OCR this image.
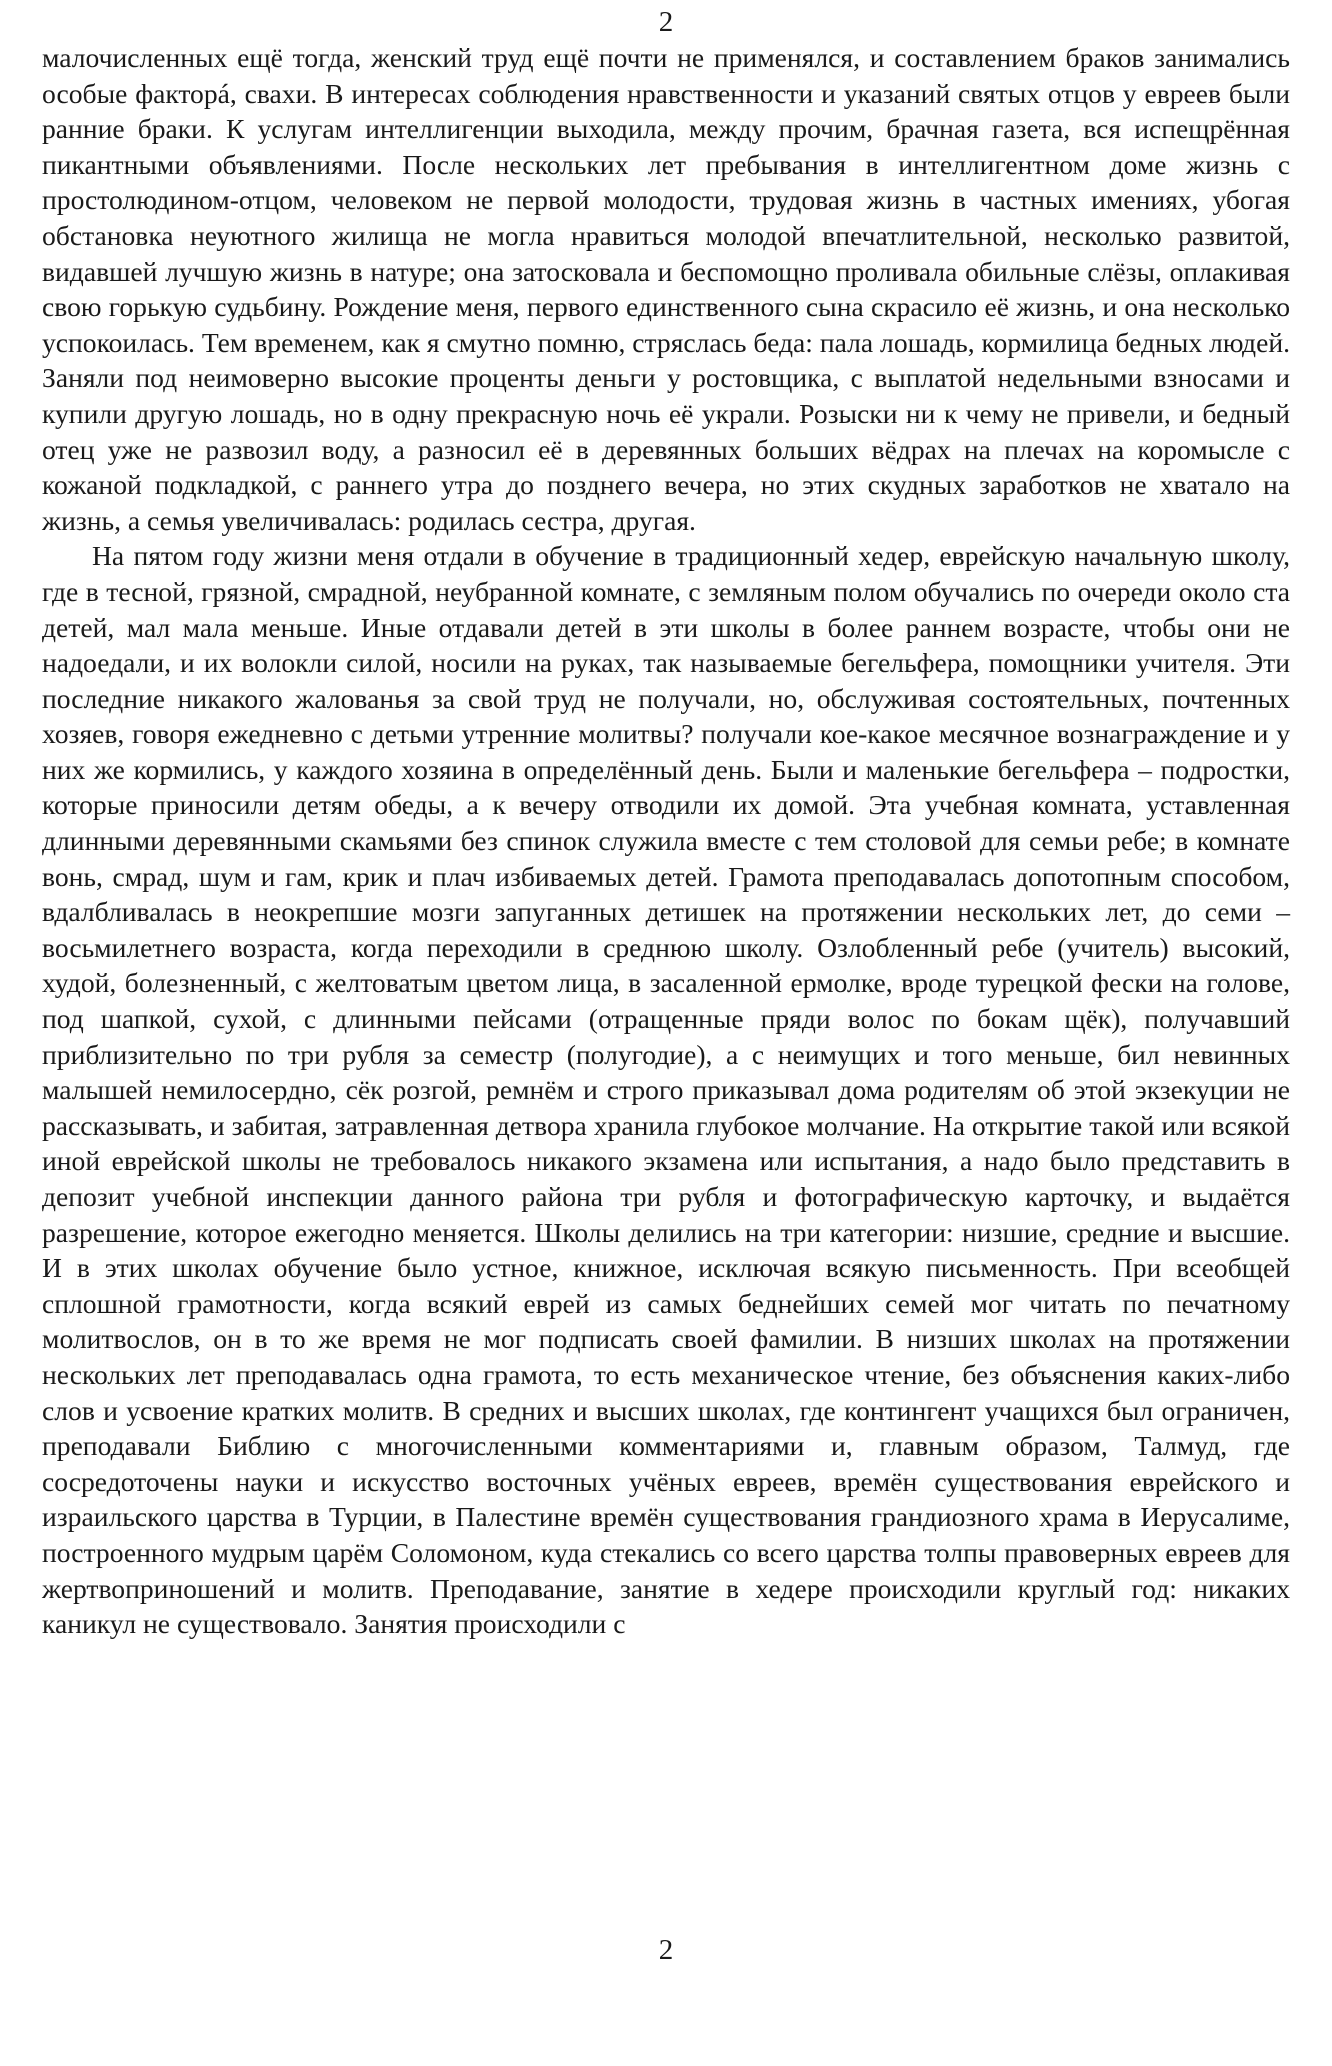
2

малочисленных ещё тогда, женский труд ещё почти не применялся, и составлением браков занимались особые факторá, свахи. В интересах соблюдения нравственности и указаний святых отцов у евреев были ранние браки. К услугам интеллигенции выходила, между прочим, брачная газета, вся испещрённая пикантными объявлениями. После нескольких лет пребывания в интеллигентном доме жизнь с простолюдином-отцом, человеком не первой молодости, трудовая жизнь в частных имениях, убогая обстановка неуютного жилища не могла нравиться молодой впечатлительной, несколько развитой, видавшей лучшую жизнь в натуре; она затосковала и беспомощно проливала обильные слёзы, оплакивая свою горькую судьбину. Рождение меня, первого единственного сына скрасило её жизнь, и она несколько успокоилась. Тем временем, как я смутно помню, стряслась беда: пала лошадь, кормилица бедных людей. Заняли под неимоверно высокие проценты деньги у ростовщика, с выплатой недельными взносами и купили другую лошадь, но в одну прекрасную ночь её украли. Розыски ни к чему не привели, и бедный отец уже не развозил воду, а разносил её в деревянных больших вёдрах на плечах на коромысле с кожаной подкладкой, с раннего утра до позднего вечера, но этих скудных заработков не хватало на жизнь, а семья увеличивалась: родилась сестра, другая.

На пятом году жизни меня отдали в обучение в традиционный хедер, еврейскую начальную школу, где в тесной, грязной, смрадной, неубранной комнате, с земляным полом обучались по очереди около ста детей, мал мала меньше. Иные отдавали детей в эти школы в более раннем возрасте, чтобы они не надоедали, и их волокли силой, носили на руках, так называемые бегельфера, помощники учителя. Эти последние никакого жалованья за свой труд не получали, но, обслуживая состоятельных, почтенных хозяев, говоря ежедневно с детьми утренние молитвы? получали кое-какое месячное вознаграждение и у них же кормились, у каждого хозяина в определённый день. Были и маленькие бегельфера – подростки, которые приносили детям обеды, а к вечеру отводили их домой. Эта учебная комната, уставленная длинными деревянными скамьями без спинок служила вместе с тем столовой для семьи ребе; в комнате вонь, смрад, шум и гам, крик и плач избиваемых детей. Грамота преподавалась допотопным способом, вдалбливалась в неокрепшие мозги запуганных детишек на протяжении нескольких лет, до семи – восьмилетнего возраста, когда переходили в среднюю школу. Озлобленный ребе (учитель) высокий, худой, болезненный, с желтоватым цветом лица, в засаленной ермолке, вроде турецкой фески на голове, под шапкой, сухой, с длинными пейсами (отращенные пряди волос по бокам щёк), получавший приблизительно по три рубля за семестр (полугодие), а с неимущих и того меньше, бил невинных малышей немилосердно, сёк розгой, ремнём и строго приказывал дома родителям об этой экзекуции не рассказывать, и забитая, затравленная детвора хранила глубокое молчание. На открытие такой или всякой иной еврейской школы не требовалось никакого экзамена или испытания, а надо было представить в депозит учебной инспекции данного района три рубля и фотографическую карточку, и выдаётся разрешение, которое ежегодно меняется. Школы делились на три категории: низшие, средние и высшие. И в этих школах обучение было устное, книжное, исключая всякую письменность. При всеобщей сплошной грамотности, когда всякий еврей из самых беднейших семей мог читать по печатному молитвослов, он в то же время не мог подписать своей фамилии. В низших школах на протяжении нескольких лет преподавалась одна грамота, то есть механическое чтение, без объяснения каких-либо слов и усвоение кратких молитв. В средних и высших школах, где контингент учащихся был ограничен, преподавали Библию с многочисленными комментариями и, главным образом, Талмуд, где сосредоточены науки и искусство восточных учёных евреев, времён существования еврейского и израильского царства в Турции, в Палестине времён существования грандиозного храма в Иерусалиме, построенного мудрым царём Соломоном, куда стекались со всего царства толпы правоверных евреев для жертвоприношений и молитв. Преподавание, занятие в хедере происходили круглый год: никаких каникул не существовало. Занятия происходили с

2
